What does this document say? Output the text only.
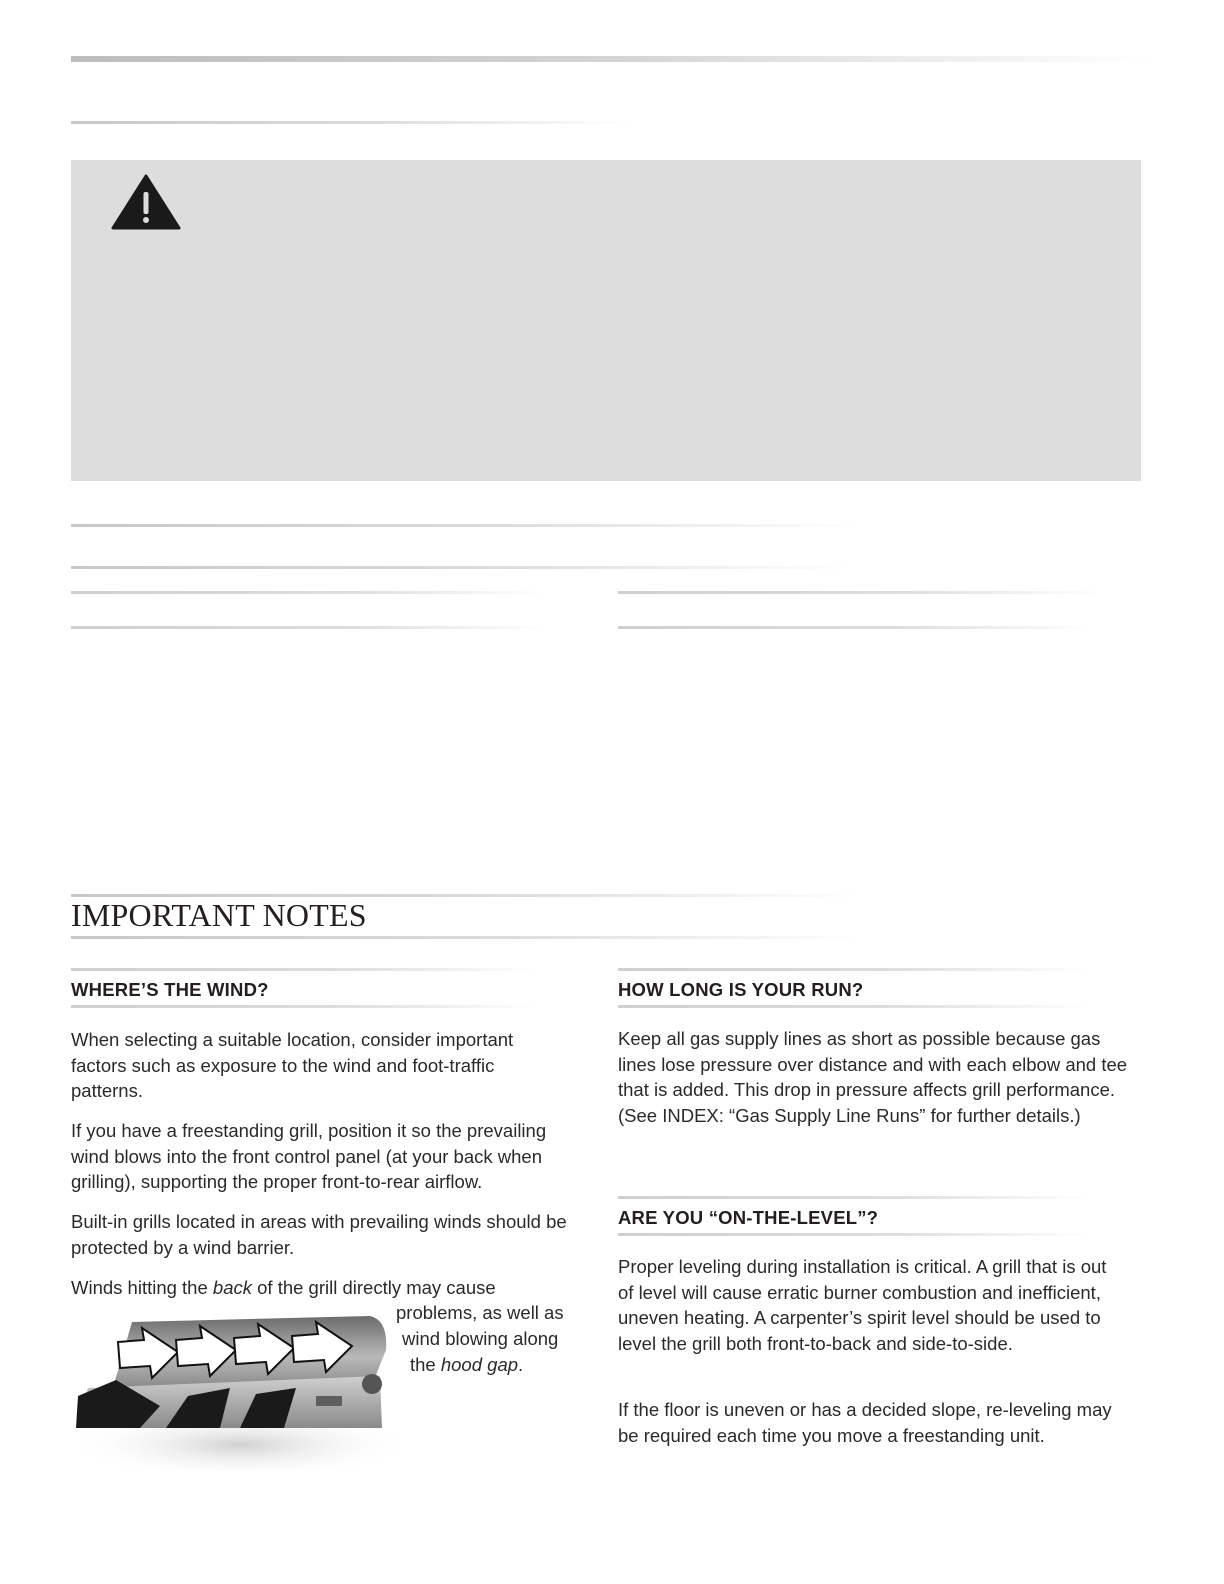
IMPORTANT NOTES
WHERE’S THE WIND?

When selecting a suitable location, consider important factors such as exposure to the wind and foot-traffic patterns.

If you have a freestanding grill, position it so the prevailing wind blows into the front control panel (at your back when grilling), supporting the proper front-to-rear airflow.

Built-in grills located in areas with prevailing winds should be protected by a wind barrier.

Winds hitting the back of the grill directly may cause
problems, as well as
wind blowing along
the hood gap.
HOW LONG IS YOUR RUN?

Keep all gas supply lines as short as possible because gas lines lose pressure over distance and with each elbow and tee that is added. This drop in pressure affects grill performance. (See INDEX: “Gas Supply Line Runs” for further details.)

ARE YOU “ON-THE-LEVEL”?

Proper leveling during installation is critical. A grill that is out of level will cause erratic burner combustion and inefficient, uneven heating. A carpenter’s spirit level should be used to level the grill both front-to-back and side-to-side.

If the floor is uneven or has a decided slope, re-leveling may be required each time you move a freestanding unit.
